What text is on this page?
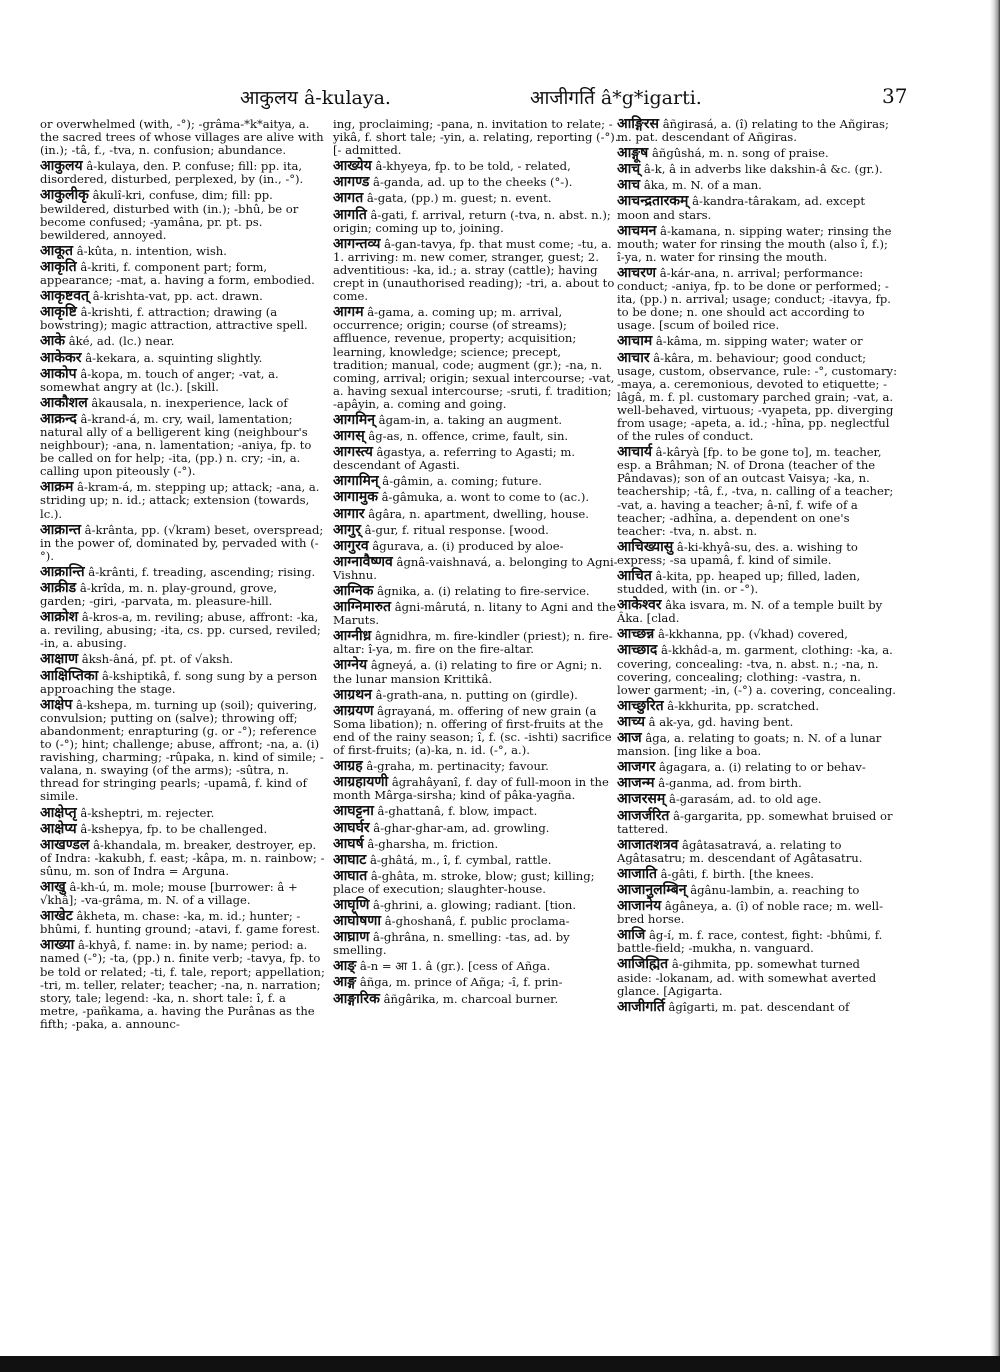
आकुलय â-kulaya.	आजीगर्ति â*g*igarti.	37

or overwhelmed (with, -°); -grâma-*k*aitya, a. the sacred trees of whose villages are alive with (in.); -tâ, f., -tva, n. confusion; abundance.

आकुलय â-kulaya, den. P. confuse; fill: pp. ita, disordered, disturbed, perplexed, by (in., -°).

आकुलीकृ âkulî-kri, confuse, dim; fill: pp. bewildered, disturbed with (in.); -bhû, be or become confused; -yamâna, pr. pt. ps. bewildered, annoyed.

आकूत â-kûta, n. intention, wish.

आकृति â-kriti, f. component part; form, appearance; -mat, a. having a form, embodied.

आकृष्टवत् â-krishta-vat, pp. act. drawn.

आकृष्टि â-krishti, f. attraction; drawing (a bowstring); magic attraction, attractive spell.

आके âké, ad. (lc.) near.

आकेकर â-kekara, a. squinting slightly.

आकोप â-kopa, m. touch of anger; -vat, a. somewhat angry at (lc.). [skill.

आकौशल âkausala, n. inexperience, lack of

आक्रन्द â-krand-á, m. cry, wail, lamentation; natural ally of a belligerent king (neighbour's neighbour); -ana, n. lamentation; -aniya, fp. to be called on for help; -ita, (pp.) n. cry; -in, a. calling upon piteously (-°).

आक्रम â-kram-á, m. stepping up; attack; -ana, a. striding up; n. id.; attack; extension (towards, lc.).

आक्रान्त â-krânta, pp. (√kram) beset, overspread; in the power of, dominated by, pervaded with (-°).

आक्रान्ति â-krânti, f. treading, ascending; rising.

आक्रीड â-krîda, m. n. play-ground, grove, garden; -giri, -parvata, m. pleasure-hill.

आक्रोश â-kros-a, m. reviling; abuse, affront: -ka, a. reviling, abusing; -ita, cs. pp. cursed, reviled; -in, a. abusing.

आक्षाण âksh-âná, pf. pt. of √aksh.

आक्षिप्तिका â-kshiptikâ, f. song sung by a person approaching the stage.

आक्षेप â-kshepa, m. turning up (soil); quivering, convulsion; putting on (salve); throwing off; abandonment; enrapturing (g. or -°); reference to (-°); hint; challenge; abuse, affront; -na, a. (i) ravishing, charming; -rûpaka, n. kind of simile; -valana, n. swaying (of the arms); -sûtra, n. thread for stringing pearls; -upamâ, f. kind of simile.

आक्षेप्तृ â-ksheptri, m. rejecter.

आक्षेप्य â-kshepya, fp. to be challenged.

आखण्डल â-khandala, m. breaker, destroyer, ep. of Indra: -kakubh, f. east; -kâpa, m. n. rainbow; -sûnu, m. son of Indra = Arguna.

आखु â-kh-ú, m. mole; mouse [burrower: â + √khâ]; -va-grâma, m. N. of a village.

आखेट âkheta, m. chase: -ka, m. id.; hunter; -bhûmi, f. hunting ground; -atavi, f. game forest.

आख्या â-khyâ, f. name: in. by name; period: a. named (-°); -ta, (pp.) n. finite verb; -tavya, fp. to be told or related; -ti, f. tale, report; appellation; -tri, m. teller, relater; teacher; -na, n. narration; story, tale; legend: -ka, n. short tale: î, f. a metre, -pañkama, a. having the Purânas as the fifth; -paka, a. announc-

ing, proclaiming; -pana, n. invitation to relate; -yikâ, f. short tale; -yin, a. relating, reporting (-°). [- admitted.

आख्येय â-khyeya, fp. to be told, - related,

आगण्ड â-ganda, ad. up to the cheeks (°-).

आगत â-gata, (pp.) m. guest; n. event.

आगति â-gati, f. arrival, return (-tva, n. abst. n.); origin; coming up to, joining.

आगन्तव्य â-gan-tavya, fp. that must come; -tu, a. 1. arriving: m. new comer, stranger, guest; 2. adventitious: -ka, id.; a. stray (cattle); having crept in (unauthorised reading); -tri, a. about to come.

आगम â-gama, a. coming up; m. arrival, occurrence; origin; course (of streams); affluence, revenue, property; acquisition; learning, knowledge; science; precept, tradition; manual, code; augment (gr.); -na, n. coming, arrival; origin; sexual intercourse; -vat, a. having sexual intercourse; -sruti, f. tradition; -apâyin, a. coming and going.

आगमिन् âgam-in, a. taking an augment.

आगस् âg-as, n. offence, crime, fault, sin.

आगस्त्य âgastya, a. referring to Agasti; m. descendant of Agasti.

आगामिन् â-gâmin, a. coming; future.

आगामुक â-gâmuka, a. wont to come to (ac.).

आगार âgâra, n. apartment, dwelling, house.

आगुर् â-gur, f. ritual response. [wood.

आगुरव âgurava, a. (i) produced by aloe-

आग्नावैष्णव âgnâ-vaishnavá, a. belonging to Agni-Vishnu.

आग्निक âgnika, a. (i) relating to fire-service.

आग्निमारुत âgni-mârutá, n. litany to Agni and the Maruts.

आग्नीध्र âgnidhra, m. fire-kindler (priest); n. fire-altar: î-ya, m. fire on the fire-altar.

आग्नेय âgneyá, a. (i) relating to fire or Agni; n. the lunar mansion Krittikâ.

आग्रथन â-grath-ana, n. putting on (girdle).

आग्रयण âgrayaná, m. offering of new grain (a Soma libation); n. offering of first-fruits at the end of the rainy season; î, f. (sc. -ishti) sacrifice of first-fruits; (a)-ka, n. id. (-°, a.).

आग्रह â-graha, m. pertinacity; favour.

आग्रहायणी âgrahâyanî, f. day of full-moon in the month Mârga-sirsha; kind of pâka-yagña.

आघट्टना â-ghattanâ, f. blow, impact.

आघर्घर â-ghar-ghar-am, ad. growling.

आघर्ष â-gharsha, m. friction.

आघाट â-ghâtá, m., î, f. cymbal, rattle.

आघात â-ghâta, m. stroke, blow; gust; killing; place of execution; slaughter-house.

आघृणि â-ghrini, a. glowing; radiant. [tion.

आघोषणा â-ghoshanâ, f. public proclama-

आघ्राण â-ghrâna, n. smelling: -tas, ad. by smelling.

आङ् â-n = आ 1. â (gr.). [cess of Añga.

आङ्ग âñga, m. prince of Añga; -î, f. prin-

आङ्गारिक âñgârika, m. charcoal burner.

आङ्गिरस âñgirasá, a. (î) relating to the Añgiras; m. pat. descendant of Añgiras.

आङ्गूष âñgûshá, m. n. song of praise.

आच् â-k, â in adverbs like dakshin-â &c. (gr.).

आच âka, m. N. of a man.

आचन्द्रतारकम् â-kandra-târakam, ad. except moon and stars.

आचमन â-kamana, n. sipping water; rinsing the mouth; water for rinsing the mouth (also î, f.); î-ya, n. water for rinsing the mouth.

आचरण â-kár-ana, n. arrival; performance: conduct; -aniya, fp. to be done or performed; -ita, (pp.) n. arrival; usage; conduct; -itavya, fp. to be done; n. one should act according to usage. [scum of boiled rice.

आचाम â-kâma, m. sipping water; water or

आचार â-kâra, m. behaviour; good conduct; usage, custom, observance, rule: -°, customary: -maya, a. ceremonious, devoted to etiquette; -lâgâ, m. f. pl. customary parched grain; -vat, a. well-behaved, virtuous; -vyapeta, pp. diverging from usage; -apeta, a. id.; -hîna, pp. neglectful of the rules of conduct.

आचार्य â-kâryà [fp. to be gone to], m. teacher, esp. a Brâhman; N. of Drona (teacher of the Pândavas); son of an outcast Vaisya; -ka, n. teachership; -tâ, f., -tva, n. calling of a teacher; -vat, a. having a teacher; â-nî, f. wife of a teacher; -adhîna, a. dependent on one's teacher: -tva, n. abst. n.

आचिख्यासु â-ki-khyâ-su, des. a. wishing to express; -sa upamâ, f. kind of simile.

आचित â-kita, pp. heaped up; filled, laden, studded, with (in. or -°).

आकेश्वर âka isvara, m. N. of a temple built by Âka. [clad.

आच्छन्न â-kkhanna, pp. (√khad) covered,

आच्छाद â-kkhâd-a, m. garment, clothing: -ka, a. covering, concealing: -tva, n. abst. n.; -na, n. covering, concealing; clothing: -vastra, n. lower garment; -in, (-°) a. covering, concealing.

आच्छुरित â-kkhurita, pp. scratched.

आच्य â ak-ya, gd. having bent.

आज âga, a. relating to goats; n. N. of a lunar mansion. [ing like a boa.

आजगर âgagara, a. (i) relating to or behav-

आजन्म â-ganma, ad. from birth.

आजरसम् â-garasám, ad. to old age.

आजर्जरित â-gargarita, pp. somewhat bruised or tattered.

आजातशत्रव âgâtasatravá, a. relating to Agâtasatru; m. descendant of Agâtasatru.

आजाति â-gâti, f. birth. [the knees.

आजानुलम्बिन् âgânu-lambin, a. reaching to

आजानेय âgâneya, a. (î) of noble race; m. well-bred horse.

आजि âg-í, m. f. race, contest, fight: -bhûmi, f. battle-field; -mukha, n. vanguard.

आजिह्मित â-gihmita, pp. somewhat turned aside: -lokanam, ad. with somewhat averted glance. [Agigarta.

आजीगर्ति âgîgarti, m. pat. descendant of
